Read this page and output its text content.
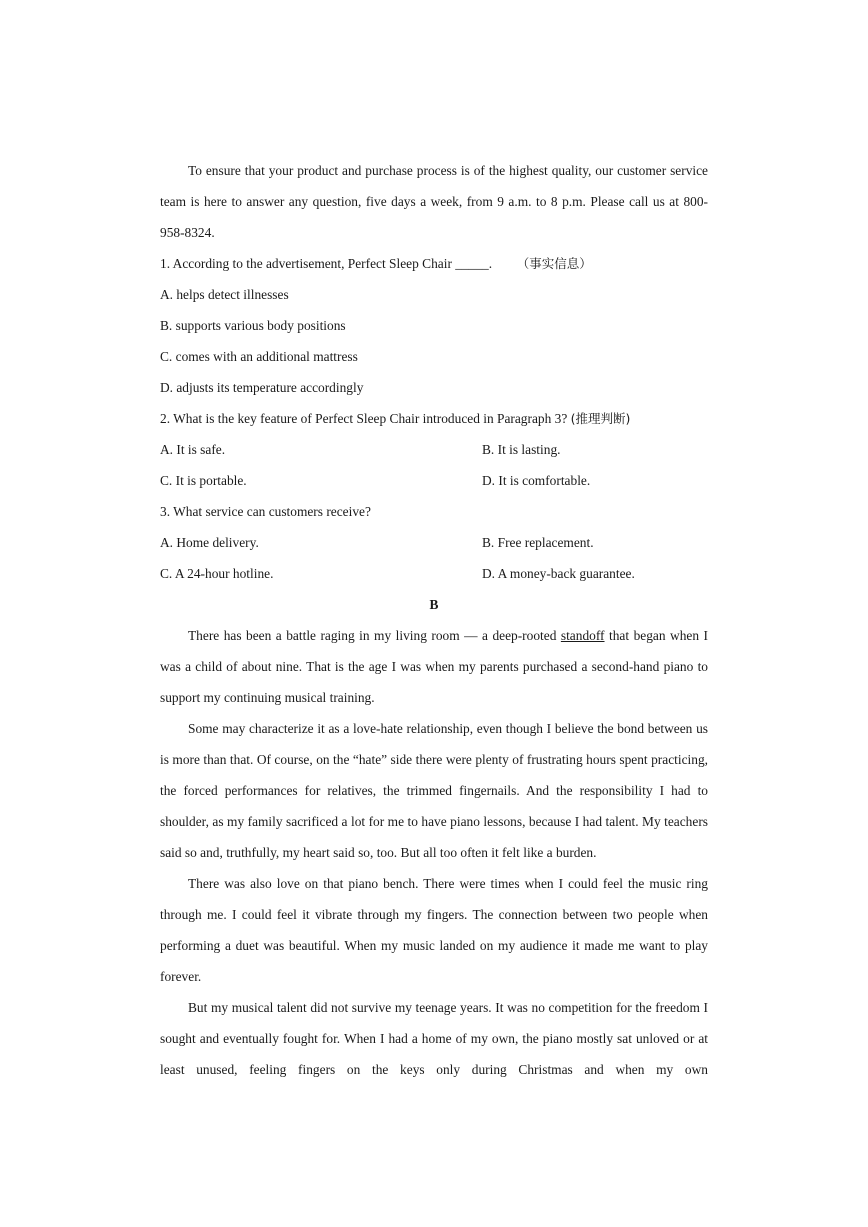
To ensure that your product and purchase process is of the highest quality, our customer service team is here to answer any question, five days a week, from 9 a.m. to 8 p.m. Please call us at 800-958-8324.

1. According to the advertisement, Perfect Sleep Chair _____. （事实信息）
A. helps detect illnesses
B. supports various body positions
C. comes with an additional mattress
D. adjusts its temperature accordingly
2. What is the key feature of Perfect Sleep Chair introduced in Paragraph 3? (推理判断)
A. It is safe.	B. It is lasting.
C. It is portable.	D. It is comfortable.
3. What service can customers receive?
A. Home delivery.	B. Free replacement.
C. A 24-hour hotline.	D. A money-back guarantee.

B

There has been a battle raging in my living room — a deep-rooted standoff that began when I was a child of about nine. That is the age I was when my parents purchased a second-hand piano to support my continuing musical training.

Some may characterize it as a love-hate relationship, even though I believe the bond between us is more than that. Of course, on the “hate” side there were plenty of frustrating hours spent practicing, the forced performances for relatives, the trimmed fingernails. And the responsibility I had to shoulder, as my family sacrificed a lot for me to have piano lessons, because I had talent. My teachers said so and, truthfully, my heart said so, too. But all too often it felt like a burden.

There was also love on that piano bench. There were times when I could feel the music ring through me. I could feel it vibrate through my fingers. The connection between two people when performing a duet was beautiful. When my music landed on my audience it made me want to play forever.

But my musical talent did not survive my teenage years. It was no competition for the freedom I sought and eventually fought for. When I had a home of my own, the piano mostly sat unloved or at least unused, feeling fingers on the keys only during Christmas and when my own
